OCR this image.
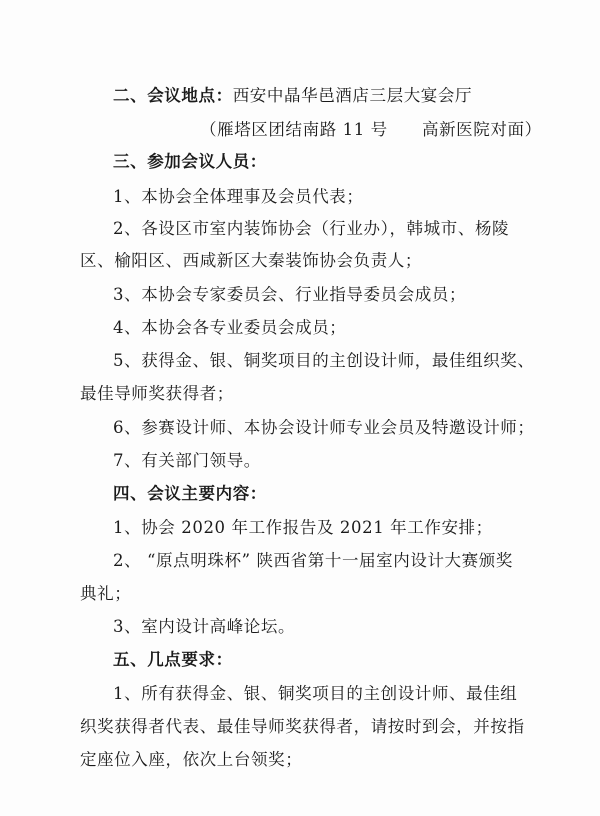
二、会议地点：西安中晶华邑酒店三层大宴会厅
（雁塔区团结南路 11 号　　高新医院对面）
三、参加会议人员：
1、本协会全体理事及会员代表；
2、各设区市室内装饰协会（行业办），韩城市、杨陵
区、榆阳区、西咸新区大秦装饰协会负责人；
3、本协会专家委员会、行业指导委员会成员；
4、本协会各专业委员会成员；
5、获得金、银、铜奖项目的主创设计师，最佳组织奖、
最佳导师奖获得者；
6、参赛设计师、本协会设计师专业会员及特邀设计师；
7、有关部门领导。
四、会议主要内容：
1、协会 2020 年工作报告及 2021 年工作安排；
2、 “原点明珠杯” 陕西省第十一届室内设计大赛颁奖
典礼；
3、室内设计高峰论坛。
五、几点要求：
1、所有获得金、银、铜奖项目的主创设计师、最佳组
织奖获得者代表、最佳导师奖获得者，请按时到会，并按指
定座位入座，依次上台领奖；
